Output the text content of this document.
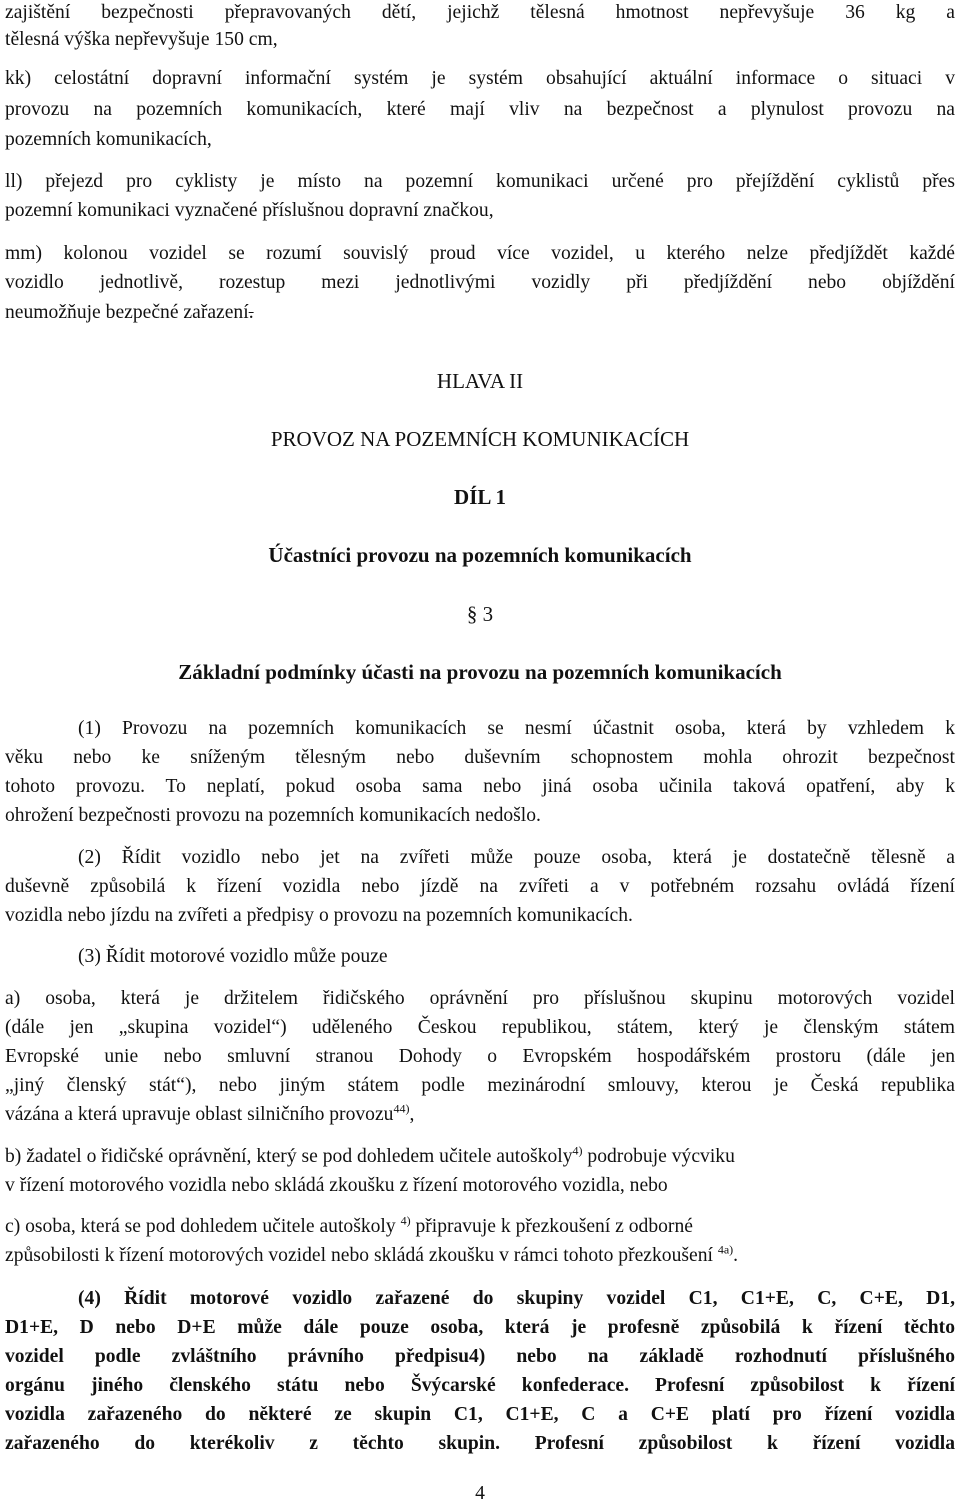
zajištění bezpečnosti přepravovaných dětí, jejichž tělesná hmotnost nepřevyšuje 36 kg a
tělesná výška nepřevyšuje 150 cm,
kk) celostátní dopravní informační systém je systém obsahující aktuální informace o situaci v
provozu na pozemních komunikacích, které mají vliv na bezpečnost a plynulost provozu na
pozemních komunikacích,
ll) přejezd pro cyklisty je místo na pozemní komunikaci určené pro přejíždění cyklistů přes
pozemní komunikaci vyznačené příslušnou dopravní značkou,
mm) kolonou vozidel se rozumí souvislý proud více vozidel, u kterého nelze předjíždět každé
vozidlo jednotlivě, rozestup mezi jednotlivými vozidly při předjíždění nebo objíždění
neumožňuje bezpečné zařazení.
HLAVA II
PROVOZ NA POZEMNÍCH KOMUNIKACÍCH
DÍL 1
Účastníci provozu na pozemních komunikacích
§ 3
Základní podmínky účasti na provozu na pozemních komunikacích
(1) Provozu na pozemních komunikacích se nesmí účastnit osoba, která by vzhledem k
věku nebo ke sníženým tělesným nebo duševním schopnostem mohla ohrozit bezpečnost
tohoto provozu. To neplatí, pokud osoba sama nebo jiná osoba učinila taková opatření, aby k
ohrožení bezpečnosti provozu na pozemních komunikacích nedošlo.
(2) Řídit vozidlo nebo jet na zvířeti může pouze osoba, která je dostatečně tělesně a
duševně způsobilá k řízení vozidla nebo jízdě na zvířeti a v potřebném rozsahu ovládá řízení
vozidla nebo jízdu na zvířeti a předpisy o provozu na pozemních komunikacích.
(3) Řídit motorové vozidlo může pouze
a) osoba, která je držitelem řidičského oprávnění pro příslušnou skupinu motorových vozidel
(dále jen „skupina vozidel“) uděleného Českou republikou, státem, který je členským státem
Evropské unie nebo smluvní stranou Dohody o Evropském hospodářském prostoru (dále jen
„jiný členský stát“), nebo jiným státem podle mezinárodní smlouvy, kterou je Česká republika
vázána a která upravuje oblast silničního provozu$^{44)}$,
b) žadatel o řidičské oprávnění, který se pod dohledem učitele autoškoly$^{4)}$ podrobuje výcviku
v řízení motorového vozidla nebo skládá zkoušku z řízení motorového vozidla, nebo
c) osoba, která se pod dohledem učitele autoškoly $^{4)}$ připravuje k přezkoušení z odborné
způsobilosti k řízení motorových vozidel nebo skládá zkoušku v rámci tohoto přezkoušení $^{4a)}$.
(4) Řídit motorové vozidlo zařazené do skupiny vozidel C1, C1+E, C, C+E, D1,
D1+E, D nebo D+E může dále pouze osoba, která je profesně způsobilá k řízení těchto
vozidel podle zvláštního právního předpisu4) nebo na základě rozhodnutí příslušného
orgánu jiného členského státu nebo Švýcarské konfederace. Profesní způsobilost k řízení
vozidla zařazeného do některé ze skupin C1, C1+E, C a C+E platí pro řízení vozidla
zařazeného do kterékoliv z těchto skupin. Profesní způsobilost k řízení vozidla
4
